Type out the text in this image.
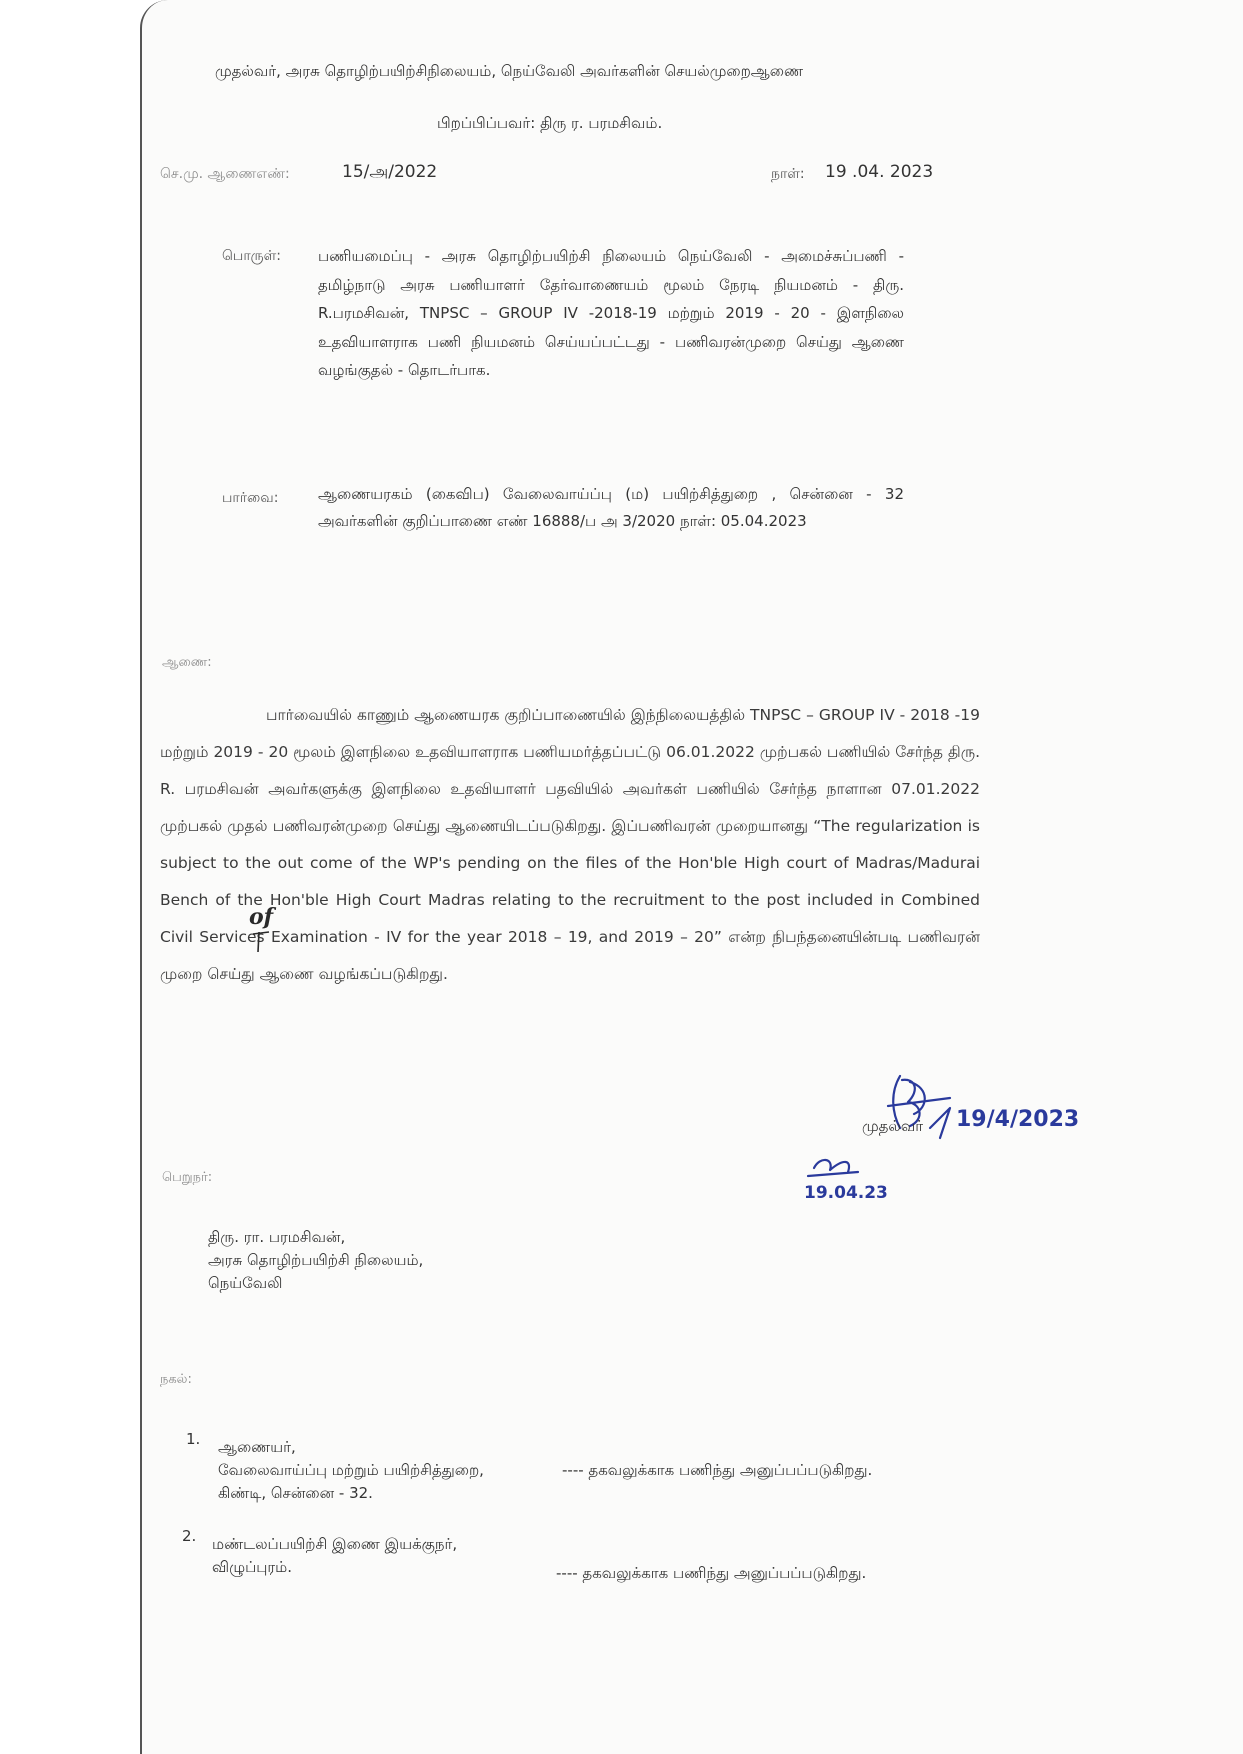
முதல்வர், அரசு தொழிற்பயிற்சிநிலையம், நெய்வேலி அவர்களின் செயல்முறைஆணை
பிறப்பிப்பவர்: திரு ர. பரமசிவம்.
செ.மு. ஆணைஎண்:	15/அ/2022	நாள்: 19 .04. 2023
பொருள்: பணியமைப்பு - அரசு தொழிற்பயிற்சி நிலையம் நெய்வேலி - அமைச்சுப்பணி - தமிழ்நாடு அரசு பணியாளர் தேர்வாணையம் மூலம் நேரடி நியமனம் - திரு. R.பரமசிவன், TNPSC – GROUP IV -2018-19 மற்றும் 2019 - 20 - இளநிலை உதவியாளராக பணி நியமனம் செய்யப்பட்டது - பணிவரன்முறை செய்து ஆணை வழங்குதல் - தொடர்பாக.
பார்வை:	ஆணையரகம் (கைவிப) வேலைவாய்ப்பு (ம) பயிற்சித்துறை , சென்னை - 32 அவர்களின் குறிப்பாணை எண் 16888/ப அ 3/2020 நாள்: 05.04.2023
ஆணை:
பார்வையில் காணும் ஆணையரக குறிப்பாணையில் இந்நிலையத்தில் TNPSC – GROUP IV - 2018 -19 மற்றும் 2019 - 20 மூலம் இளநிலை உதவியாளராக பணியமர்த்தப்பட்டு 06.01.2022 முற்பகல் பணியில் சேர்ந்த திரு. R. பரமசிவன் அவர்களுக்கு இளநிலை உதவியாளர் பதவியில் அவர்கள் பணியில் சேர்ந்த நாளான 07.01.2022 முற்பகல் முதல் பணிவரன்முறை செய்து ஆணையிடப்படுகிறது. இப்பணிவரன் முறையானது “The regularization is subject to the out come of the WP's pending on the files of the Hon'ble High court of Madras/Madurai Bench of the Hon'ble High Court Madras relating to the recruitment to the post included in Combined Civil Services Examination - IV for the year 2018 – 19, and 2019 – 20” என்ற நிபந்தனையின்படி பணிவரன் முறை செய்து ஆணை வழங்கப்படுகிறது.
of
19/4/2023
முதல்வர்
19.04.23
பெறுநர்:
திரு. ரா. பரமசிவன்,
அரசு தொழிற்பயிற்சி நிலையம்,
நெய்வேலி
நகல்:
1. ஆணையர்,
வேலைவாய்ப்பு மற்றும் பயிற்சித்துறை,
கிண்டி, சென்னை - 32.
---- தகவலுக்காக பணிந்து அனுப்பப்படுகிறது.
2. மண்டலப்பயிற்சி இணை இயக்குநர்,
விழுப்புரம்.	---- தகவலுக்காக பணிந்து அனுப்பப்படுகிறது.
